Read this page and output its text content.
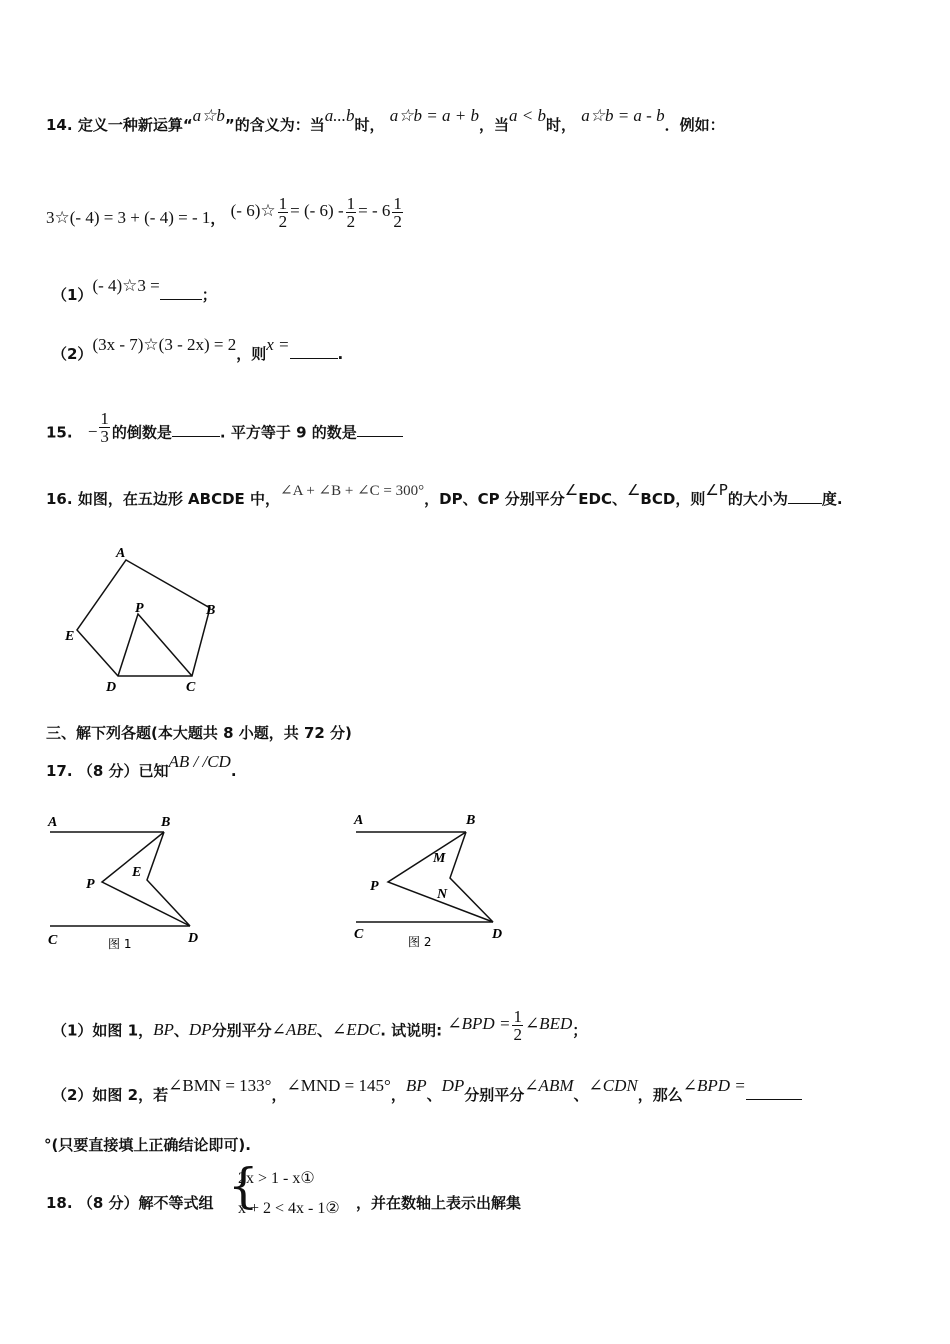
14. 定义一种新运算“a☆b”的含义为：当a...b时， a☆b = a + b，当a < b时， a☆b = a - b．例如：
3☆(- 4) = 3 + (- 4) = - 1， (- 6)☆ $\frac{1}{2}$ = (- $6) - \frac{1}{2}$ = - $6 \frac{1}{2}$
（1）(- 4)☆3 =	；
（2）(3x - 7)☆(3 - 2x) = 2，则x =	.
15. − $\frac{1}{3}$ 的倒数是	. 平方等于 9 的数是
16. 如图，在五边形 ABCDE 中，∠A + ∠B + ∠C = 300°，DP、CP 分别平分∠EDC、∠BCD，则∠P的大小为 度.
A
B
C
D
E
P
三、解下列各题(本大题共 8 小题，共 72 分)
17. （8 分）已知AB / /CD.
A	B
C	D
P
E
图 1
A	B
C	D
P
M
N
图 2
（1）如图 1，BP、DP分别平分∠ABE、∠EDC. 试说明: ∠BPD = $\frac{1}{2}$ ∠BED；
（2）如图 2，若∠BMN = 133°，∠MND = 145°，BP、DP分别平分∠ABM、∠CDN，那么∠BPD =
°(只要直接填上正确结论即可).
18. （8 分）解不等式组 {
2x > 1 - x①
x + 2 < 4x - 1② ，并在数轴上表示出解集
